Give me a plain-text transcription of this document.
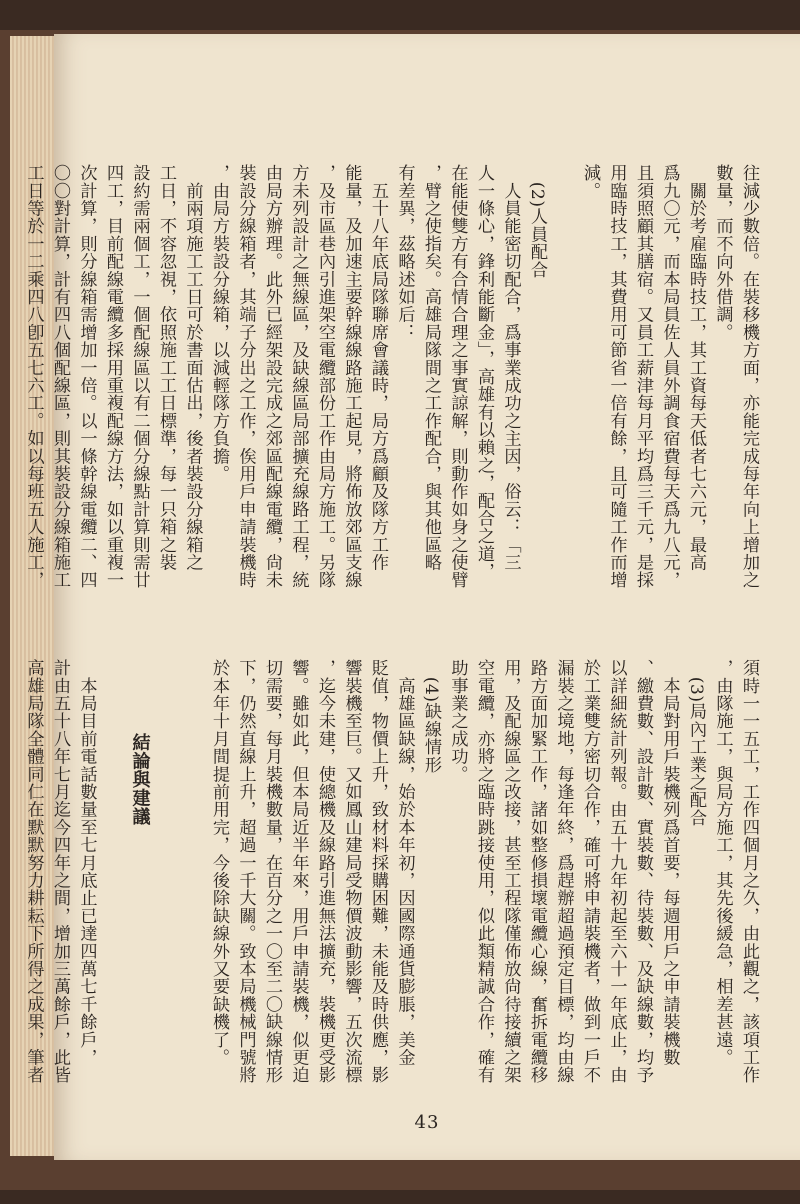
往減少數倍。在裝移機方面，亦能完成每年向上增加之
數量，而不向外借調。
　關於考雇臨時技工，其工資每天低者七六元，最高
爲九〇元，而本局員佐人員外調食宿費每天爲九八元，
且須照顧其膳宿。又員工薪津每月平均爲三千元，是採
用臨時技工，其費用可節省一倍有餘，且可隨工作而增
減。

　(2)人員配合
　人員能密切配合，爲事業成功之主因，俗云：「三
人一條心，鋒利能斷金」，高雄有以賴之，配合之道，
在能使雙方有合情合理之事實諒解，則動作如身之使臂
，臂之使指矣。高雄局隊間之工作配合，與其他區略
有差異，茲略述如后：
　五十八年底局隊聯席會議時，局方爲顧及隊方工作
能量，及加速主要幹線線路施工起見，將佈放郊區支線
，及市區巷內引進架空電纜部份工作由局方施工。另隊
方未列設計之無線區，及缺線區局部擴充線路工程，統
由局方辦理。此外已經架設完成之郊區配線電纜，尙未
裝設分線箱者，其端子分出之工作，俟用戶申請裝機時
，由局方裝設分線箱，以減輕隊方負擔。
　前兩項施工工日可於書面估出，後者裝設分線箱之
工日，不容忽視，依照施工工日標準，每一只箱之裝
設約需兩個工，一個配線區以有二個分線點計算則需廿
四工，目前配線電纜多採用重複配線方法，如以重複一
次計算，則分線箱需增加一倍。以一條幹線電纜二、四
〇〇對計算，計有四八個配線區，則其裝設分線箱施工
工日等於一二乘四八卽五七六工。如以每班五人施工，
須時一一五工，工作四個月之久，由此觀之，該項工作
，由隊施工，與局方施工，其先後緩急，相差甚遠。
　(3)局內工業之配合
　本局對用戶裝機列爲首要，每週用戶之申請裝機數
、繳費數、設計數、實裝數、待裝數、及缺線數，均予
以詳細統計列報。由五十九年初起至六十一年底止，由
於工業雙方密切合作，確可將申請裝機者，做到一戶不
漏裝之境地，每逢年終，爲趕辦超過預定目標，均由線
路方面加緊工作，諸如整修損壞電纜心線，奮拆電纜移
用，及配線區之改接，甚至工程隊僅佈放尙待接續之架
空電纜，亦將之臨時跳接使用，似此類精誠合作，確有
助事業之成功。
　(4)缺線情形
　高雄區缺線，始於本年初，因國際通貨膨脹，美金
貶值，物價上升，致材料採購困難，未能及時供應，影
響裝機至巨。又如鳳山建局受物價波動影響，五次流標
，迄今未建，使總機及線路引進無法擴充，裝機更受影
響。雖如此，但本局近半年來，用戶申請裝機，似更迫
切需要，每月裝機數量，在百分之一〇至二〇缺線情形
下，仍然直線上升，超過一千大關。致本局機械門號將
於本年十月間提前用完，今後除缺線外又要缺機了。

　　　　結論與建議

　本局目前電話數量至七月底止已達四萬七千餘戶，
計由五十八年七月迄今四年之間，增加三萬餘戶，此皆
高雄局隊全體同仁在默默努力耕耘下所得之成果，筆者
43
